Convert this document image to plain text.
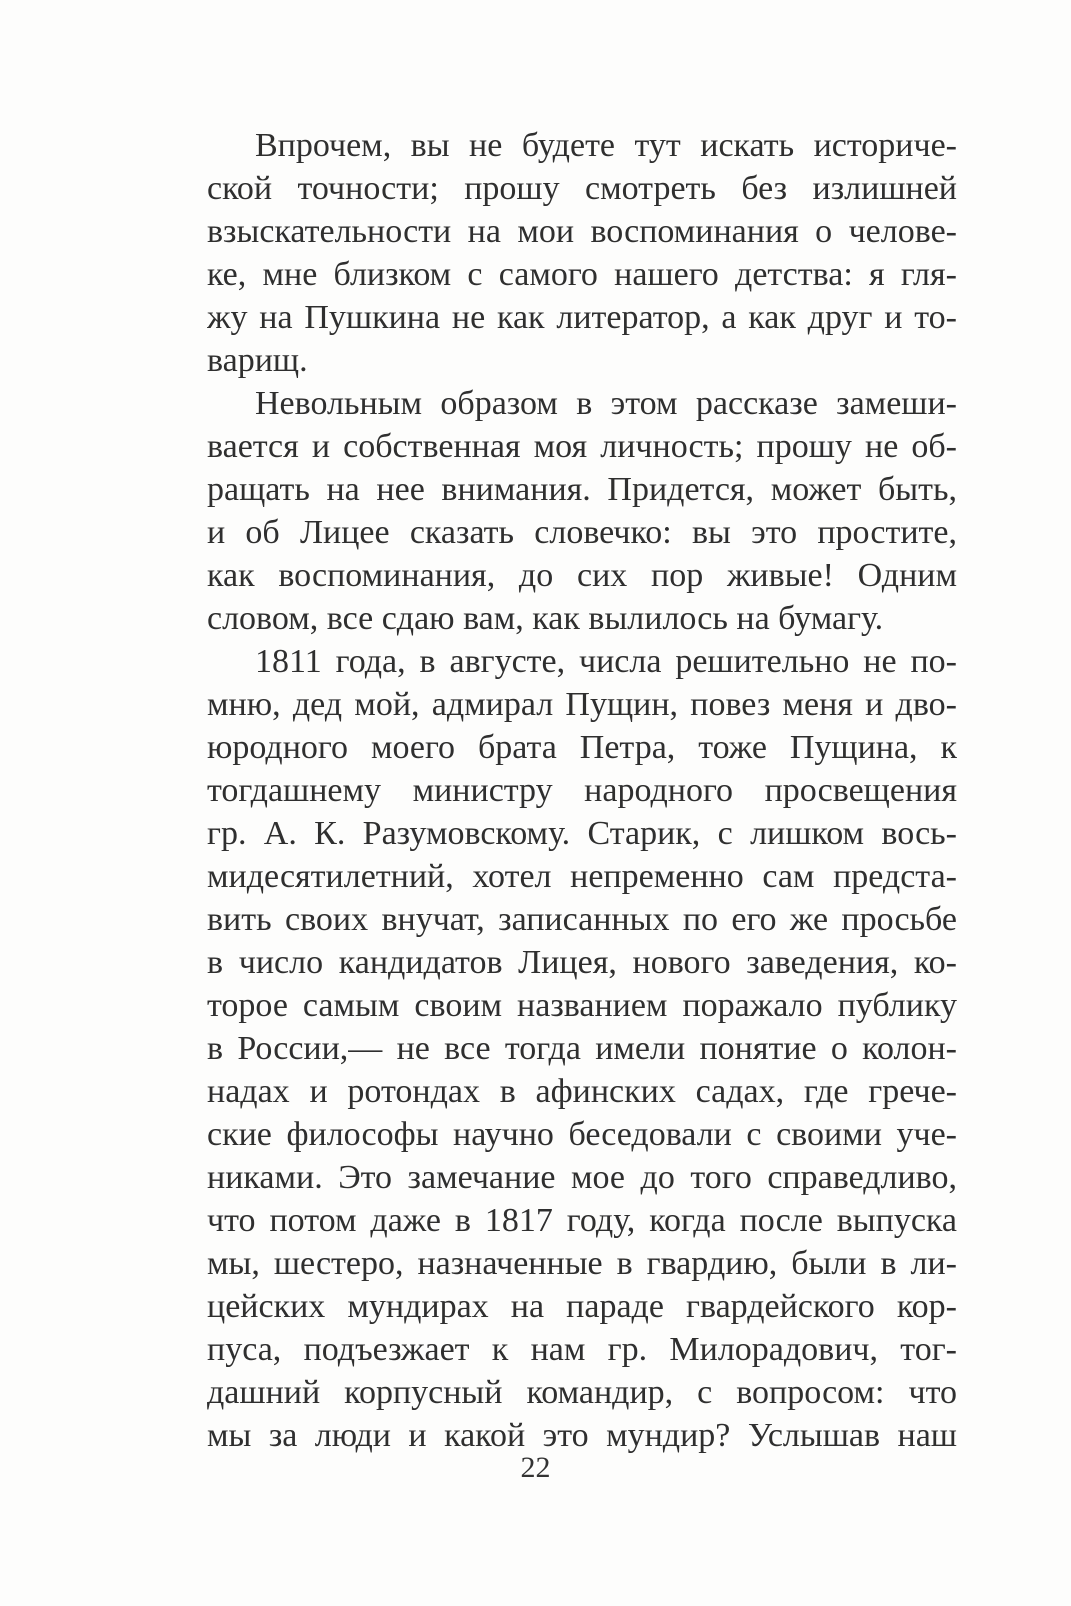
Впрочем, вы не будете тут искать историче-
ской точности; прошу смотреть без излишней
взыскательности на мои воспоминания о челове-
ке, мне близком с самого нашего детства: я гля-
жу на Пушкина не как литератор, а как друг и то-
варищ.
Невольным образом в этом рассказе замеши-
вается и собственная моя личность; прошу не об-
ращать на нее внимания. Придется, может быть,
и об Лицее сказать словечко: вы это простите,
как воспоминания, до сих пор живые! Одним
словом, все сдаю вам, как вылилось на бумагу.
1811 года, в августе, числа решительно не по-
мню, дед мой, адмирал Пущин, повез меня и дво-
юродного моего брата Петра, тоже Пущина, к
тогдашнему министру народного просвещения
гр. А. К. Разумовскому. Старик, с лишком вось-
мидесятилетний, хотел непременно сам предста-
вить своих внучат, записанных по его же просьбе
в число кандидатов Лицея, нового заведения, ко-
торое самым своим названием поражало публику
в России,— не все тогда имели понятие о колон-
надах и ротондах в афинских садах, где грече-
ские философы научно беседовали с своими уче-
никами. Это замечание мое до того справедливо,
что потом даже в 1817 году, когда после выпуска
мы, шестеро, назначенные в гвардию, были в ли-
цейских мундирах на параде гвардейского кор-
пуса, подъезжает к нам гр. Милорадович, тог-
дашний корпусный командир, с вопросом: что
мы за люди и какой это мундир? Услышав наш
22
